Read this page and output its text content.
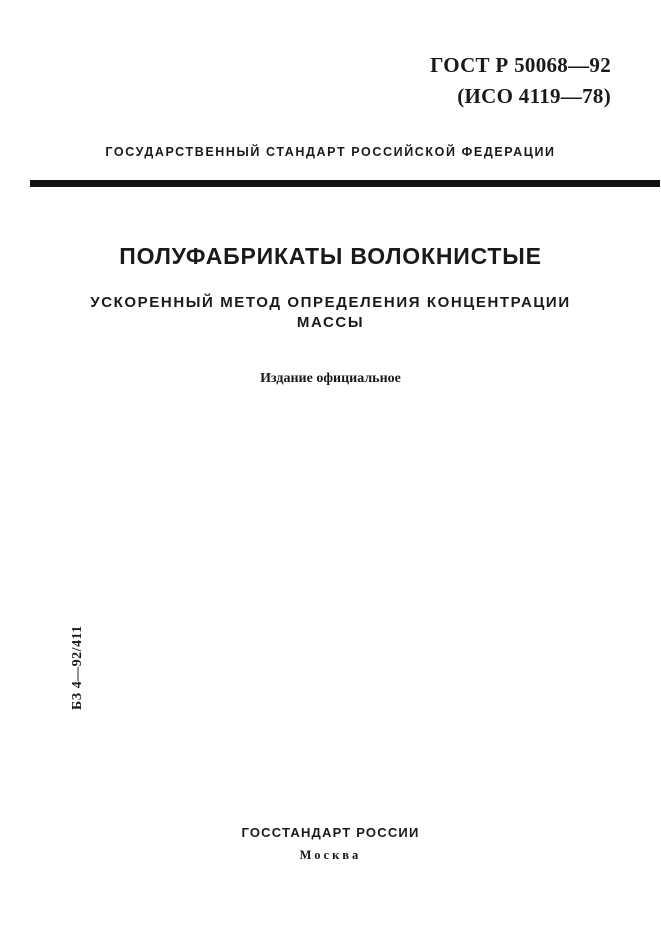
ГОСТ Р 50068—92
(ИСО 4119—78)
ГОСУДАРСТВЕННЫЙ СТАНДАРТ РОССИЙСКОЙ ФЕДЕРАЦИИ
ПОЛУФАБРИКАТЫ ВОЛОКНИСТЫЕ
УСКОРЕННЫЙ МЕТОД ОПРЕДЕЛЕНИЯ КОНЦЕНТРАЦИИ
МАССЫ
Издание официальное
БЗ 4—92/411
ГОССТАНДАРТ РОССИИ
Москва
